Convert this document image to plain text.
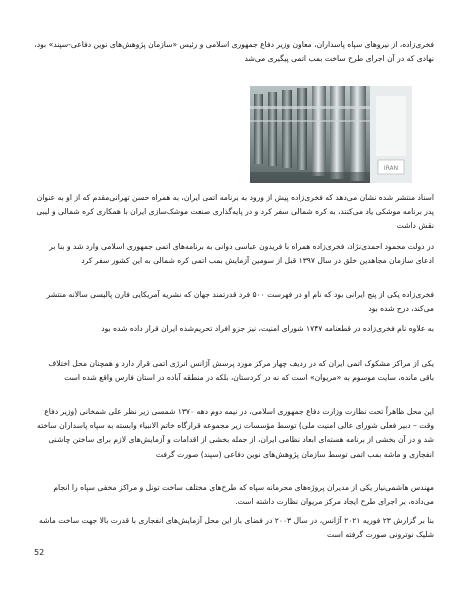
فخری‌زاده، از نیروهای سپاه پاسداران، معاون وزیر دفاع جمهوری اسلامی و رئیس «سازمان پژوهش‌های نوین دفاعی-سپند» بود، نهادی که در آن اجرای طرح ساخت بمب اتمی پیگیری می‌شد

IRAN

اسناد منتشر شده نشان می‌دهد که فخری‌زاده پیش از ورود به برنامه اتمی ایران، به همراه حسن تهرانی‌مقدم که از او به عنوان پدر برنامه موشکی یاد می‌کنند، به کره شمالی سفر کرد و در پایه‌گذاری صنعت موشک‌سازی ایران با همکاری کره شمالی و لیبی نقش داشت

در دولت محمود احمدی‌نژاد، فخری‌زاده همراه با فریدون عباسی دوانی به برنامه‌های اتمی جمهوری اسلامی وارد شد و بنا بر ادعای سازمان مجاهدین خلق در سال ۱۳۹۷ قبل از سومین آزمایش بمب اتمی کره شمالی به این کشور سفر کرد

فخری‌زاده یکی از پنج ایرانی بود که نام او در فهرست ۵۰۰ فرد قدرتمند جهان که نشریه آمریکایی فارن پالیسی سالانه منتشر می‌کند، درج شده بود

به علاوه نام فخری‌زاده در قطعنامه ۱۷۴۷ شورای امنیت، نیز جزو افراد تحریم‌شده ایران قرار داده شده بود

یکی از مراکز مشکوک اتمی ایران که در ردیف چهار مرکز مورد پرسش آژانس انرژی اتمی قرار دارد و همچنان محل اختلاف باقی مانده، سایت موسوم به «مریوان» است که نه در کردستان، بلکه در منطقه آباده در استان فارس واقع شده است

این محل ظاهراً تحت نظارت وزارت دفاع جمهوری اسلامی، در نیمه دوم دهه ۱۳۷۰ شمسی زیر نظر علی شمخانی (وزیر دفاع وقت – دبیر فعلی شورای عالی امنیت ملی) توسط مؤسسات زیر مجموعه قرارگاه خاتم الانبیاء وابسته به سپاه پاسداران ساخته شد و در آن بخشی از برنامه هسته‌ای ابعاد نظامی ایران، از جمله بخشی از اقدامات و آزمایش‌های لازم برای ساختن چاشنی انفجاری و ماشه بمب اتمی توسط سازمان پژوهش‌های نوین دفاعی (سپند) صورت گرفت

مهندس هاشمی‌نیار یکی از مدیران پروژه‌های محرمانه سپاه که طرح‌های مختلف ساخت تونل و مراکز مخفی سپاه را انجام می‌داده، بر اجرای طرح ایجاد مرکز مریوان نظارت داشته است.

بنا بر گزارش ۲۳ فوریه ۲۰۲۱ آژانس، در سال ۲۰۰۳ در فضای باز این محل آزمایش‌های انفجاری با قدرت بالا جهت ساخت ماشه شلیک نوترونی صورت گرفته است

52
